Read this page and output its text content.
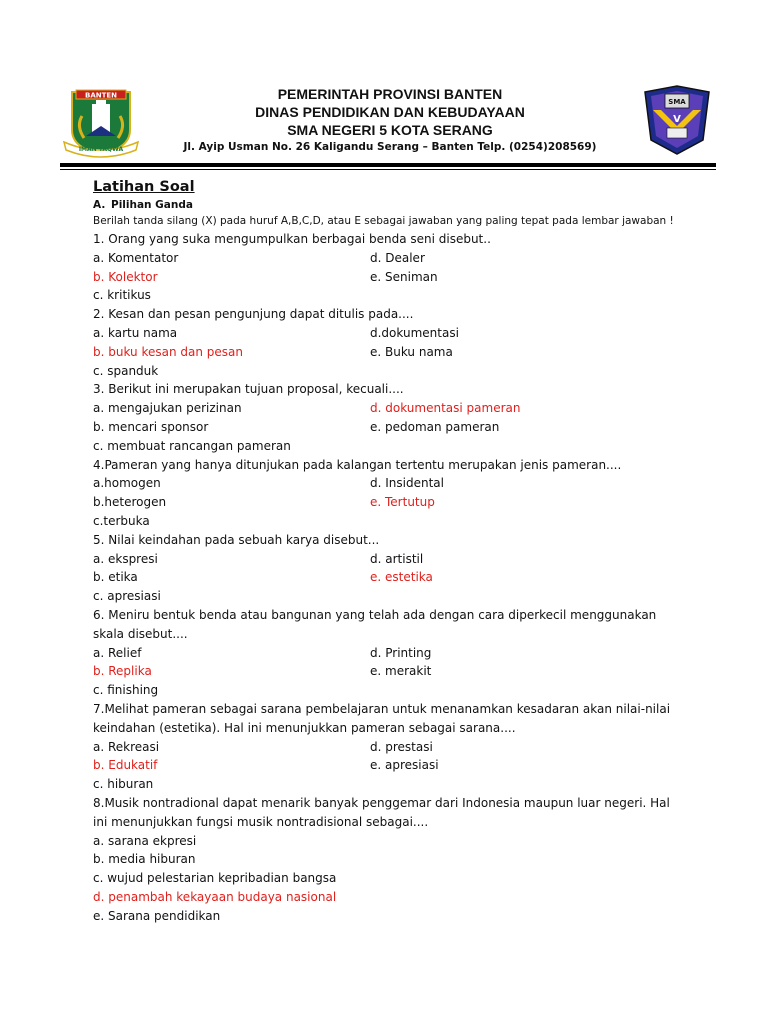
BANTEN
IMAN TAQWA
PEMERINTAH PROVINSI BANTEN
DINAS PENDIDIKAN DAN KEBUDAYAAN
SMA NEGERI 5 KOTA SERANG
Jl. Ayip Usman No. 26 Kaligandu Serang – Banten Telp. (0254)208569)
SMA
V
Latihan Soal
A. Pilihan Ganda
Berilah tanda silang (X) pada huruf A,B,C,D, atau E sebagai jawaban yang paling tepat pada lembar jawaban !
1. Orang yang suka mengumpulkan berbagai benda seni disebut..
a. Komentator	d. Dealer
b. Kolektor	e. Seniman
c. kritikus
2. Kesan dan pesan pengunjung dapat ditulis pada....
a. kartu nama	d.dokumentasi
b. buku kesan dan pesan	e. Buku nama
c. spanduk
3. Berikut ini merupakan tujuan proposal, kecuali....
a. mengajukan perizinan	d. dokumentasi pameran
b. mencari sponsor	e. pedoman pameran
c. membuat rancangan pameran
4.Pameran yang hanya ditunjukan pada kalangan tertentu merupakan jenis pameran....
a.homogen	d. Insidental
b.heterogen	e. Tertutup
c.terbuka
5. Nilai keindahan pada sebuah karya disebut...
a. ekspresi	d. artistil
b. etika	e. estetika
c. apresiasi
6. Meniru bentuk benda atau bangunan yang telah ada dengan cara diperkecil menggunakan skala disebut....
a. Relief	d. Printing
b. Replika	e. merakit
c. finishing
7.Melihat pameran sebagai sarana pembelajaran untuk menanamkan kesadaran akan nilai-nilai keindahan (estetika). Hal ini menunjukkan pameran sebagai sarana....
a. Rekreasi	d. prestasi
b. Edukatif	e. apresiasi
c. hiburan
8.Musik nontradional dapat menarik banyak penggemar dari Indonesia maupun luar negeri. Hal ini menunjukkan fungsi musik nontradisional sebagai....
a. sarana ekpresi
b. media hiburan
c. wujud pelestarian kepribadian bangsa
d. penambah kekayaan budaya nasional
e. Sarana pendidikan
